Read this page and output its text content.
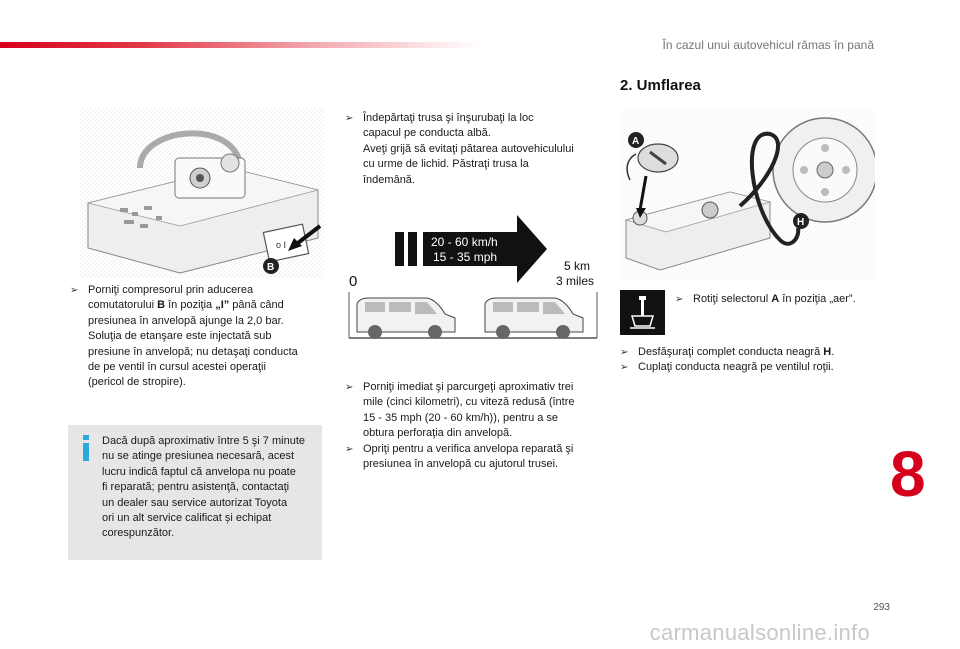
În cazul unui autovehicul rămas în pană
o I
B
➢ Porniţi compresorul prin aducerea
comutatorului B în poziţia „I” până când
presiunea în anvelopă ajunge la 2,0 bar.
Soluţia de etanşare este injectată sub
presiune în anvelopă; nu detaşaţi conducta
de pe ventil în cursul acestei operaţii
(pericol de stropire).
Dacă după aproximativ între 5 şi 7 minute
nu se atinge presiunea necesară, acest
lucru indică faptul că anvelopa nu poate
fi reparată; pentru asistenţă, contactaţi
un dealer sau service autorizat Toyota
ori un alt service calificat și echipat
corespunzător.
➢ Îndepărtaţi trusa şi înşurubaţi la loc
capacul pe conducta albă.
Aveţi grijă să evitaţi pătarea autovehiculului
cu urme de lichid. Păstraţi trusa la
îndemână.
20 - 60 km/h
15 - 35 mph
5 km
3 miles
0
➢ Porniţi imediat şi parcurgeţi aproximativ trei
mile (cinci kilometri), cu viteză redusă (între
15 - 35 mph (20 - 60 km/h)), pentru a se
obtura perforaţia din anvelopă.
➢ Opriţi pentru a verifica anvelopa reparată şi
presiunea în anvelopă cu ajutorul trusei.
2. Umflarea
A
H
➢ Rotiţi selectorul A în poziţia „aer”.
➢ Desfăşuraţi complet conducta neagră H.
➢ Cuplaţi conducta neagră pe ventilul roţii.
8
293
carmanualsonline.info
